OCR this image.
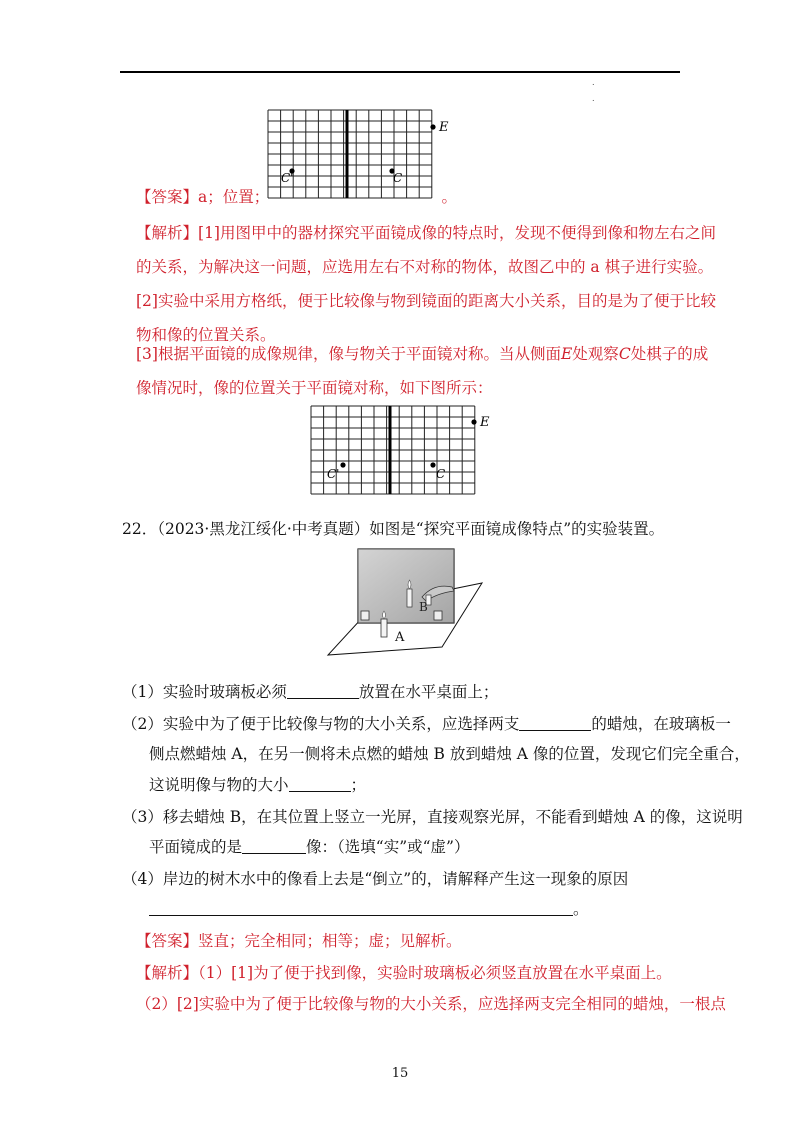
.
.
E
C'	C
【答案】a；位置；	。
【解析】[1]用图甲中的器材探究平面镜成像的特点时，发现不便得到像和物左右之间
的关系，为解决这一问题，应选用左右不对称的物体，故图乙中的 a 棋子进行实验。
[2]实验中采用方格纸，便于比较像与物到镜面的距离大小关系，目的是为了便于比较
物和像的位置关系。
[3]根据平面镜的成像规律，像与物关于平面镜对称。当从侧面E处观察C处棋子的成
像情况时，像的位置关于平面镜对称，如下图所示：
E
C'	C
22．（2023·黑龙江绥化·中考真题）如图是“探究平面镜成像特点”的实验装置。
B
A
（1）实验时玻璃板必须	放置在水平桌面上；
（2）实验中为了便于比较像与物的大小关系，应选择两支	的蜡烛，在玻璃板一
侧点燃蜡烛 A，在另一侧将未点燃的蜡烛 B 放到蜡烛 A 像的位置，发现它们完全重合，
这说明像与物的大小	；
（3）移去蜡烛 B，在其位置上竖立一光屏，直接观察光屏，不能看到蜡烛 A 的像，这说明
平面镜成的是	像：（选填“实”或“虚”）
（4）岸边的树木水中的像看上去是“倒立”的，请解释产生这一现象的原因
。
【答案】竖直；完全相同；相等；虚；见解析。
【解析】（1）[1]为了便于找到像，实验时玻璃板必须竖直放置在水平桌面上。
（2）[2]实验中为了便于比较像与物的大小关系，应选择两支完全相同的蜡烛，一根点
15
